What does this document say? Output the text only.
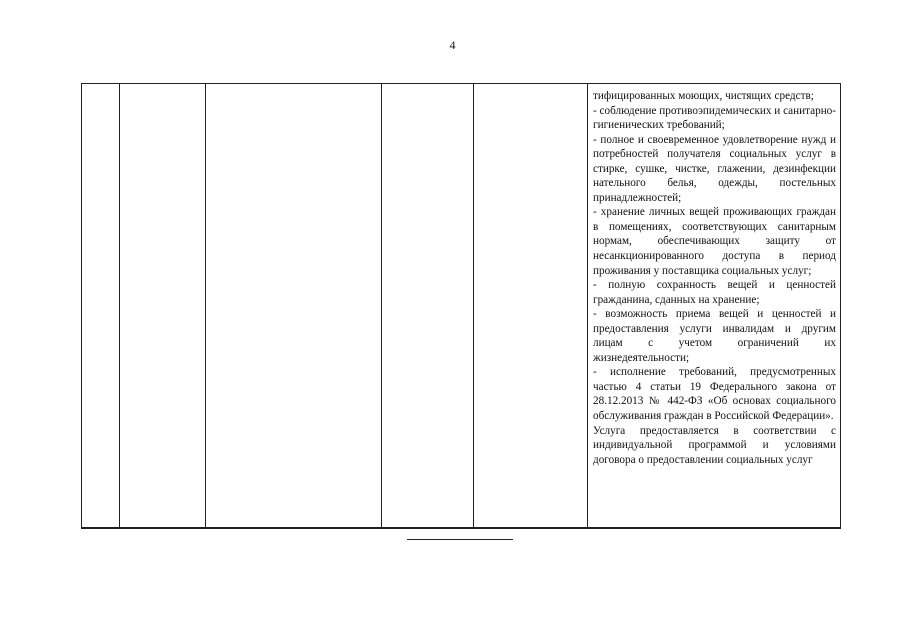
4

тифицированных моющих, чистящих средств;

- соблюдение противоэпидемических и санитарно-гигиенических требований;

- полное и своевременное удовлетворение нужд и потребностей получателя социальных услуг в стирке, сушке, чистке, глажении, дезинфекции нательного белья, одежды, постельных принадлежностей;

- хранение личных вещей проживающих граждан в помещениях, соответствующих санитарным нормам, обеспечивающих защиту от несанкционированного доступа в период проживания у поставщика социальных услуг;

- полную сохранность вещей и ценностей гражданина, сданных на хранение;

- возможность приема вещей и ценностей и предоставления услуги инвалидам и другим лицам с учетом ограничений их жизнедеятельности;

- исполнение требований, предусмотренных частью 4 статьи 19 Федерального закона от 28.12.2013 № 442-ФЗ «Об основах социального обслуживания граждан в Российской Федерации».

Услуга предоставляется в соответствии с индивидуальной программой и условиями договора о предоставлении социальных услуг
